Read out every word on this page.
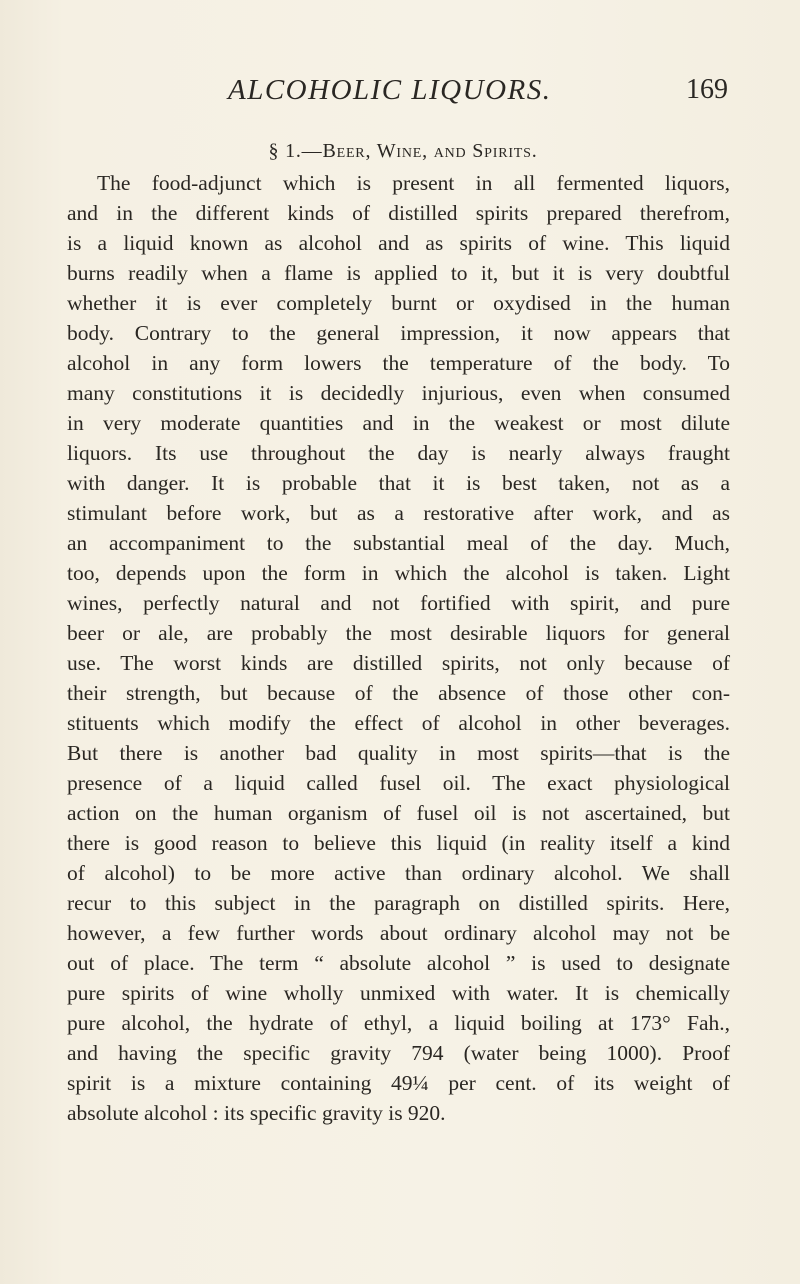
ALCOHOLIC LIQUORS.	169
§ 1.—Beer, Wine, and Spirits.
The food-adjunct which is present in all fermented liquors,
and in the different kinds of distilled spirits prepared therefrom,
is a liquid known as alcohol and as spirits of wine. This liquid
burns readily when a flame is applied to it, but it is very doubtful
whether it is ever completely burnt or oxydised in the human
body. Contrary to the general impression, it now appears that
alcohol in any form lowers the temperature of the body. To
many constitutions it is decidedly injurious, even when consumed
in very moderate quantities and in the weakest or most dilute
liquors. Its use throughout the day is nearly always fraught
with danger. It is probable that it is best taken, not as a
stimulant before work, but as a restorative after work, and as
an accompaniment to the substantial meal of the day. Much,
too, depends upon the form in which the alcohol is taken. Light
wines, perfectly natural and not fortified with spirit, and pure
beer or ale, are probably the most desirable liquors for general
use. The worst kinds are distilled spirits, not only because of
their strength, but because of the absence of those other con-
stituents which modify the effect of alcohol in other beverages.
But there is another bad quality in most spirits—that is the
presence of a liquid called fusel oil. The exact physiological
action on the human organism of fusel oil is not ascertained, but
there is good reason to believe this liquid (in reality itself a kind
of alcohol) to be more active than ordinary alcohol. We shall
recur to this subject in the paragraph on distilled spirits. Here,
however, a few further words about ordinary alcohol may not be
out of place. The term “ absolute alcohol ” is used to designate
pure spirits of wine wholly unmixed with water. It is chemically
pure alcohol, the hydrate of ethyl, a liquid boiling at 173° Fah.,
and having the specific gravity 794 (water being 1000). Proof
spirit is a mixture containing 49¼ per cent. of its weight of
absolute alcohol : its specific gravity is 920.
